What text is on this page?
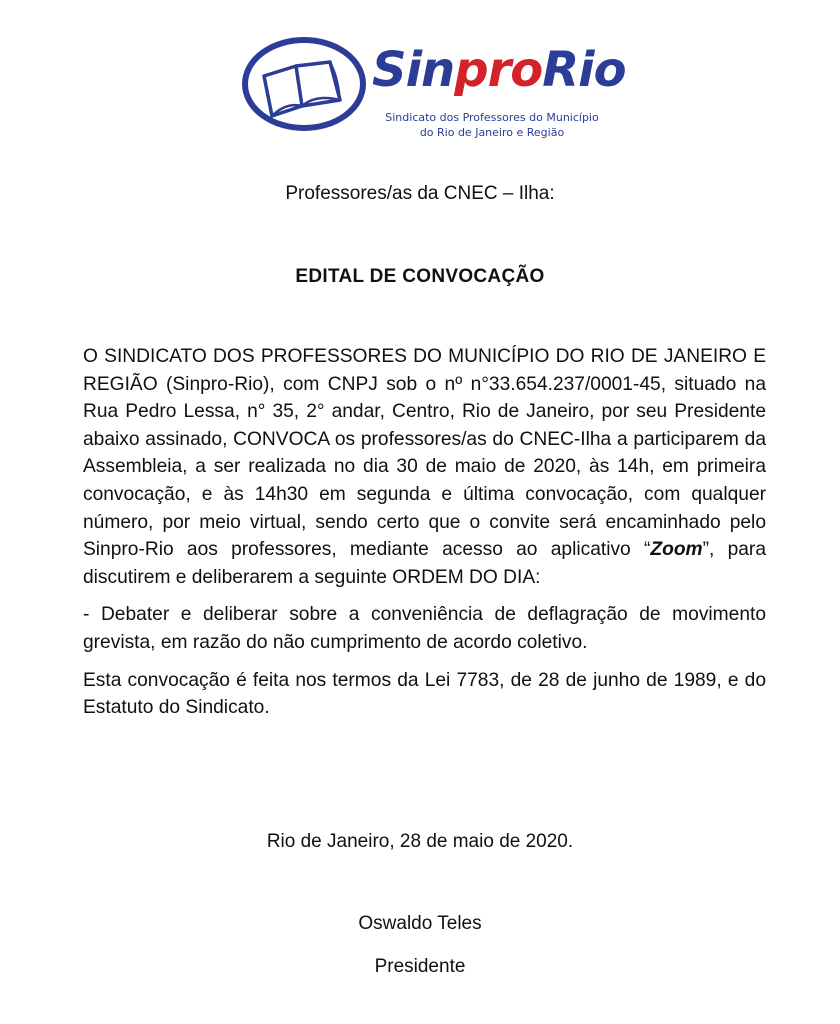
SinproRio
Sindicato dos Professores do Município
do Rio de Janeiro e Região
Professores/as da CNEC – Ilha:
EDITAL DE CONVOCAÇÃO

O SINDICATO DOS PROFESSORES DO MUNICÍPIO DO RIO DE JANEIRO E REGIÃO (Sinpro-Rio), com CNPJ sob o nº n°33.654.237/0001-45, situado na Rua Pedro Lessa, n° 35, 2° andar, Centro, Rio de Janeiro, por seu Presidente abaixo assinado, CONVOCA os professores/as do CNEC-Ilha a participarem da Assembleia, a ser realizada no dia 30 de maio de 2020, às 14h, em primeira convocação, e às 14h30 em segunda e última convocação, com qualquer número, por meio virtual, sendo certo que o convite será encaminhado pelo Sinpro-Rio aos professores, mediante acesso ao aplicativo “Zoom”, para discutirem e deliberarem a seguinte ORDEM DO DIA:

- Debater e deliberar sobre a conveniência de deflagração de movimento grevista, em razão do não cumprimento de acordo coletivo.

Esta convocação é feita nos termos da Lei 7783, de 28 de junho de 1989, e do Estatuto do Sindicato.

Rio de Janeiro, 28 de maio de 2020.
Oswaldo Teles
Presidente
